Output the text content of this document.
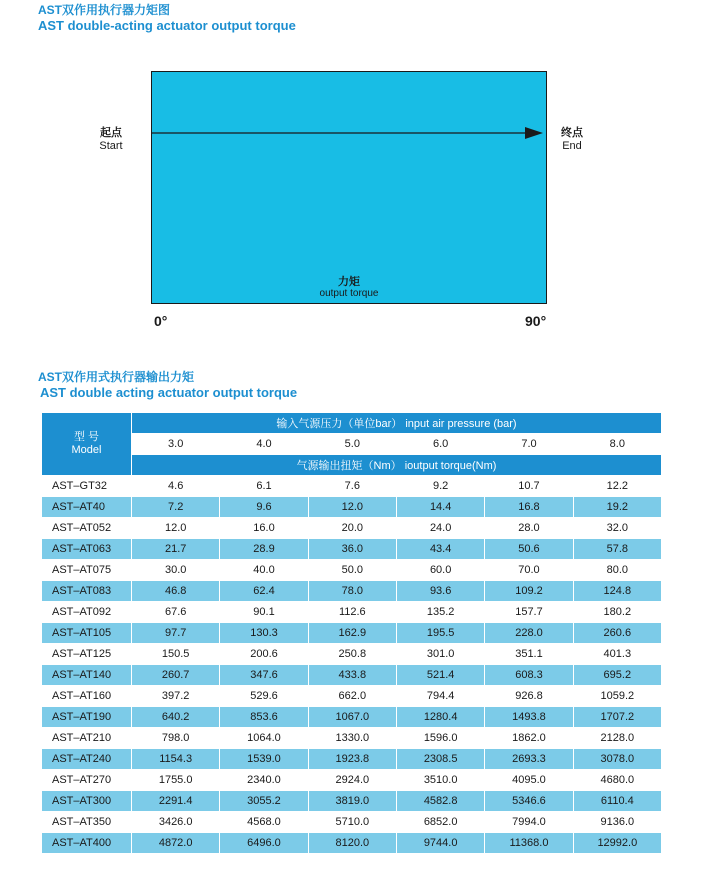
AST双作用执行器力矩图
AST double-acting actuator output torque
起点
Start
终点
End
力矩
output torque
0°	90°
AST双作用式执行器输出力矩
AST double acting actuator output torque
型 号
Model	输入气源压力（单位bar） input air pressure (bar)					
	3.0	4.0	5.0	6.0	7.0	8.0
	气源输出扭矩（Nm） ioutput torque(Nm)					
AST–GT32	4.6	6.1	7.6	9.2	10.7	12.2
AST–AT40	7.2	9.6	12.0	14.4	16.8	19.2
AST–AT052	12.0	16.0	20.0	24.0	28.0	32.0
AST–AT063	21.7	28.9	36.0	43.4	50.6	57.8
AST–AT075	30.0	40.0	50.0	60.0	70.0	80.0
AST–AT083	46.8	62.4	78.0	93.6	109.2	124.8
AST–AT092	67.6	90.1	112.6	135.2	157.7	180.2
AST–AT105	97.7	130.3	162.9	195.5	228.0	260.6
AST–AT125	150.5	200.6	250.8	301.0	351.1	401.3
AST–AT140	260.7	347.6	433.8	521.4	608.3	695.2
AST–AT160	397.2	529.6	662.0	794.4	926.8	1059.2
AST–AT190	640.2	853.6	1067.0	1280.4	1493.8	1707.2
AST–AT210	798.0	1064.0	1330.0	1596.0	1862.0	2128.0
AST–AT240	1154.3	1539.0	1923.8	2308.5	2693.3	3078.0
AST–AT270	1755.0	2340.0	2924.0	3510.0	4095.0	4680.0
AST–AT300	2291.4	3055.2	3819.0	4582.8	5346.6	6110.4
AST–AT350	3426.0	4568.0	5710.0	6852.0	7994.0	9136.0
AST–AT400	4872.0	6496.0	8120.0	9744.0	11368.0	12992.0
